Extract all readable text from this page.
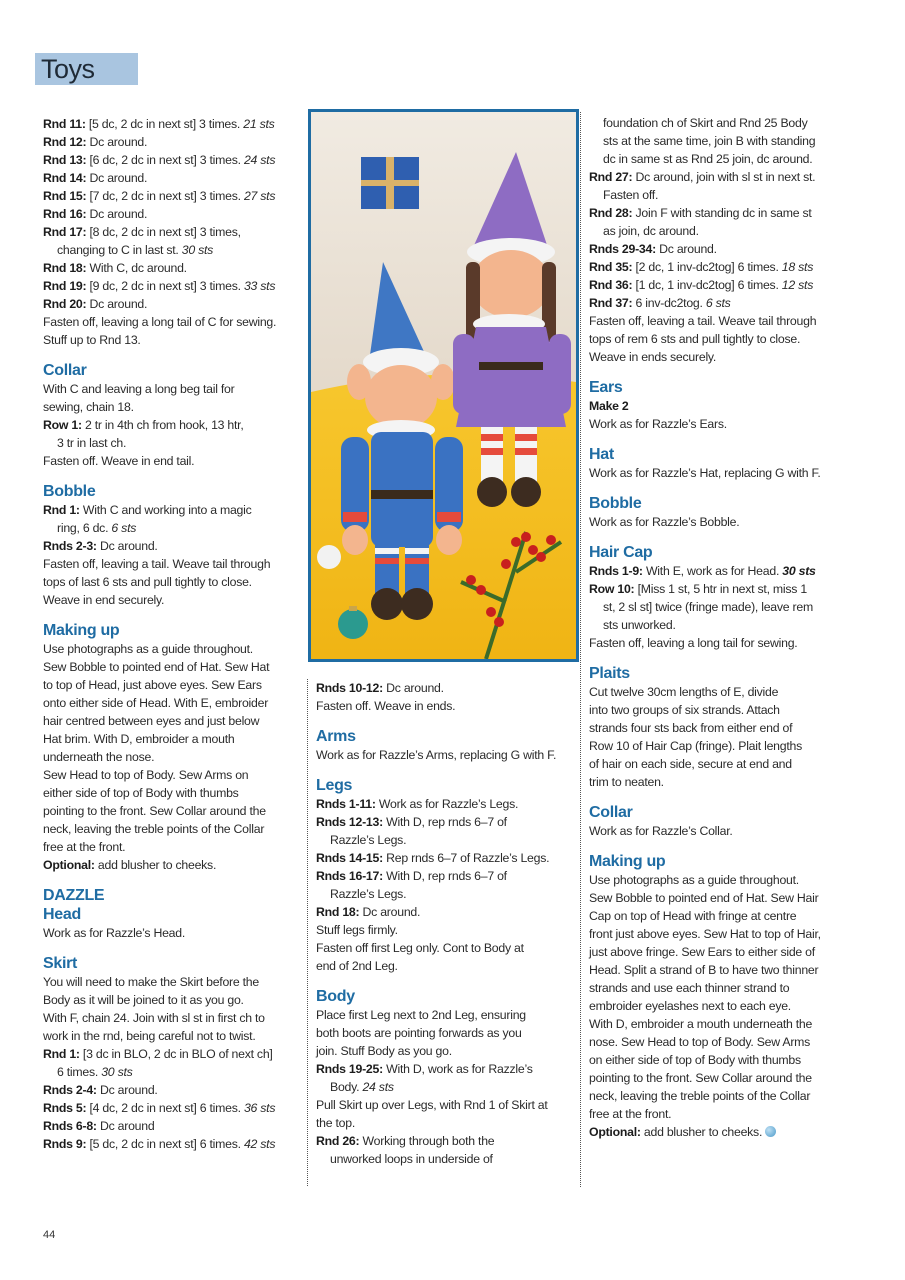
Toys
Rnd 11: [5 dc, 2 dc in next st] 3 times. 21 sts
Rnd 12: Dc around.
Rnd 13: [6 dc, 2 dc in next st] 3 times. 24 sts
Rnd 14: Dc around.
Rnd 15: [7 dc, 2 dc in next st] 3 times. 27 sts
Rnd 16: Dc around.
Rnd 17: [8 dc, 2 dc in next st] 3 times,
changing to C in last st. 30 sts
Rnd 18: With C, dc around.
Rnd 19: [9 dc, 2 dc in next st] 3 times. 33 sts
Rnd 20: Dc around.
Fasten off, leaving a long tail of C for sewing.
Stuff up to Rnd 13.
Collar
With C and leaving a long beg tail for
sewing, chain 18.
Row 1: 2 tr in 4th ch from hook, 13 htr,
3 tr in last ch.
Fasten off. Weave in end tail.
Bobble
Rnd 1: With C and working into a magic
ring, 6 dc. 6 sts
Rnds 2-3: Dc around.
Fasten off, leaving a tail. Weave tail through
tops of last 6 sts and pull tightly to close.
Weave in end securely.
Making up
Use photographs as a guide throughout.
Sew Bobble to pointed end of Hat. Sew Hat
to top of Head, just above eyes. Sew Ears
onto either side of Head. With E, embroider
hair centred between eyes and just below
Hat brim. With D, embroider a mouth
underneath the nose.
Sew Head to top of Body. Sew Arms on
either side of top of Body with thumbs
pointing to the front. Sew Collar around the
neck, leaving the treble points of the Collar
free at the front.
Optional: add blusher to cheeks.
DAZZLE
Head
Work as for Razzle’s Head.
Skirt
You will need to make the Skirt before the
Body as it will be joined to it as you go.
With F, chain 24. Join with sl st in first ch to
work in the rnd, being careful not to twist.
Rnd 1: [3 dc in BLO, 2 dc in BLO of next ch]
6 times. 30 sts
Rnds 2-4: Dc around.
Rnds 5: [4 dc, 2 dc in next st] 6 times. 36 sts
Rnds 6-8: Dc around
Rnds 9: [5 dc, 2 dc in next st] 6 times. 42 sts
Rnds 10-12: Dc around.
Fasten off. Weave in ends.
Arms
Work as for Razzle’s Arms, replacing G with F.
Legs
Rnds 1-11: Work as for Razzle’s Legs.
Rnds 12-13: With D, rep rnds 6–7 of
Razzle’s Legs.
Rnds 14-15: Rep rnds 6–7 of Razzle’s Legs.
Rnds 16-17: With D, rep rnds 6–7 of
Razzle’s Legs.
Rnd 18: Dc around.
Stuff legs firmly.
Fasten off first Leg only. Cont to Body at
end of 2nd Leg.
Body
Place first Leg next to 2nd Leg, ensuring
both boots are pointing forwards as you
join. Stuff Body as you go.
Rnds 19-25: With D, work as for Razzle’s
Body. 24 sts
Pull Skirt up over Legs, with Rnd 1 of Skirt at
the top.
Rnd 26: Working through both the
unworked loops in underside of
foundation ch of Skirt and Rnd 25 Body
sts at the same time, join B with standing
dc in same st as Rnd 25 join, dc around.
Rnd 27: Dc around, join with sl st in next st.
Fasten off.
Rnd 28: Join F with standing dc in same st
as join, dc around.
Rnds 29-34: Dc around.
Rnd 35: [2 dc, 1 inv-dc2tog] 6 times. 18 sts
Rnd 36: [1 dc, 1 inv-dc2tog] 6 times. 12 sts
Rnd 37: 6 inv-dc2tog. 6 sts
Fasten off, leaving a tail. Weave tail through
tops of rem 6 sts and pull tightly to close.
Weave in ends securely.
Ears
Make 2
Work as for Razzle’s Ears.
Hat
Work as for Razzle’s Hat, replacing G with F.
Bobble
Work as for Razzle’s Bobble.
Hair Cap
Rnds 1-9: With E, work as for Head. 30 sts
Row 10: [Miss 1 st, 5 htr in next st, miss 1
st, 2 sl st] twice (fringe made), leave rem
sts unworked.
Fasten off, leaving a long tail for sewing.
Plaits
Cut twelve 30cm lengths of E, divide
into two groups of six strands. Attach
strands four sts back from either end of
Row 10 of Hair Cap (fringe). Plait lengths
of hair on each side, secure at end and
trim to neaten.
Collar
Work as for Razzle’s Collar.
Making up
Use photographs as a guide throughout.
Sew Bobble to pointed end of Hat. Sew Hair
Cap on top of Head with fringe at centre
front just above eyes. Sew Hat to top of Hair,
just above fringe. Sew Ears to either side of
Head. Split a strand of B to have two thinner
strands and use each thinner strand to
embroider eyelashes next to each eye.
With D, embroider a mouth underneath the
nose. Sew Head to top of Body. Sew Arms
on either side of top of Body with thumbs
pointing to the front. Sew Collar around the
neck, leaving the treble points of the Collar
free at the front.
Optional: add blusher to cheeks.
44
